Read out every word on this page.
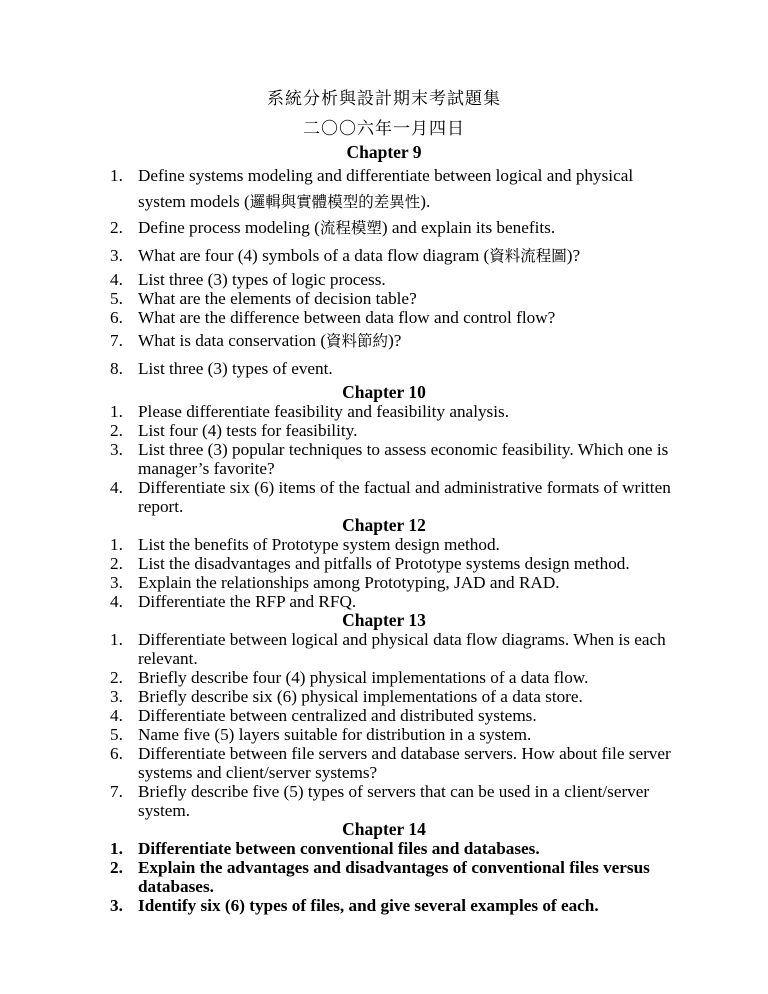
系統分析與設計期末考試題集
二〇〇六年一月四日
Chapter 9
1. Define systems modeling and differentiate between logical and physical
system models (邏輯與實體模型的差異性).
2. Define process modeling (流程模塑) and explain its benefits.
3. What are four (4) symbols of a data flow diagram (資料流程圖)?
4. List three (3) types of logic process.
5. What are the elements of decision table?
6. What are the difference between data flow and control flow?
7. What is data conservation (資料節約)?
8. List three (3) types of event.
Chapter 10
1. Please differentiate feasibility and feasibility analysis.
2. List four (4) tests for feasibility.
3. List three (3) popular techniques to assess economic feasibility. Which one is manager’s favorite?
4. Differentiate six (6) items of the factual and administrative formats of written report.
Chapter 12
1. List the benefits of Prototype system design method.
2. List the disadvantages and pitfalls of Prototype systems design method.
3. Explain the relationships among Prototyping, JAD and RAD.
4. Differentiate the RFP and RFQ.
Chapter 13
1. Differentiate between logical and physical data flow diagrams. When is each relevant.
2. Briefly describe four (4) physical implementations of a data flow.
3. Briefly describe six (6) physical implementations of a data store.
4. Differentiate between centralized and distributed systems.
5. Name five (5) layers suitable for distribution in a system.
6. Differentiate between file servers and database servers. How about file server systems and client/server systems?
7. Briefly describe five (5) types of servers that can be used in a client/server system.
Chapter 14
1. Differentiate between conventional files and databases.
2. Explain the advantages and disadvantages of conventional files versus databases.
3. Identify six (6) types of files, and give several examples of each.
